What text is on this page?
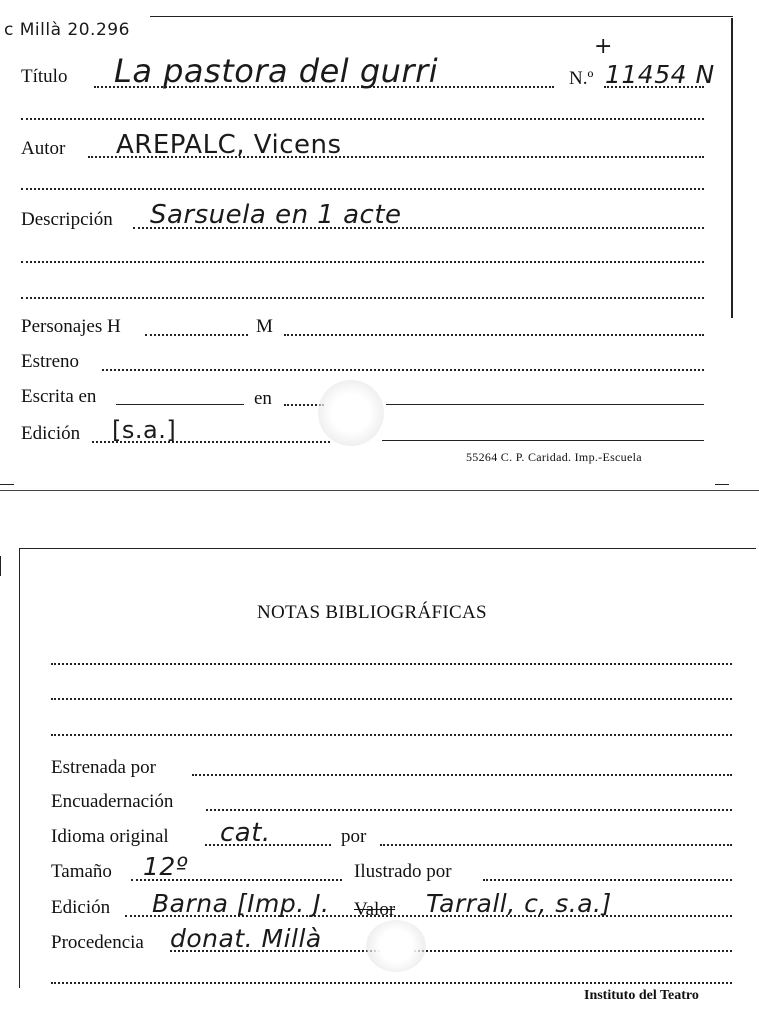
c Millà 20.296
Título La pastora del gurri
+
N.º 11454 N
Autor AREPALC, Vicens
Descripción Sarsuela en 1 acte
Personajes H	M
Estreno
Escrita en	en
Edición [s.a.]
55264 C. P. Caridad. Imp.-Escuela
NOTAS BIBLIOGRÁFICAS
Estrenada por
Encuadernación
Idioma original cat.	por
Tamaño 12º	Ilustrado por
Edición Barna [Imp. J. Valor Tarrall, c, s.a.]
Procedencia donat. Millà
Instituto del Teatro
